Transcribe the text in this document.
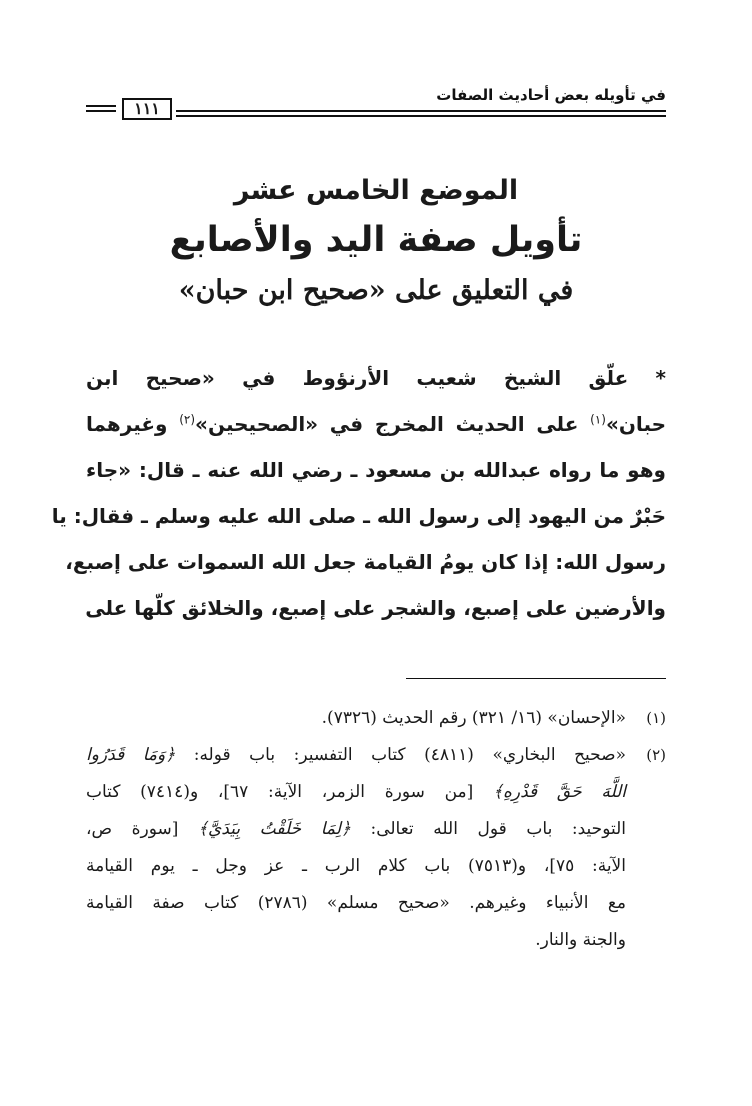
في تأويله بعض أحاديث الصفات
١١١
الموضع الخامس عشر
تأويل صفة اليد والأصابع
في التعليق على «صحيح ابن حبان»
* علّق الشيخ شعيب الأرنؤوط في «صحيح ابن
حبان»$^{(١)}$ على الحديث المخرج في «الصحيحين»$^{(٢)}$ وغيرهما
وهو ما رواه عبدالله بن مسعود ـ رضي الله عنه ـ قال: «جاء
حَبْرٌ من اليهود إلى رسول الله ـ صلى الله عليه وسلم ـ فقال: يا
رسول الله: إذا كان يومُ القيامة جعل الله السموات على إصبع،
والأرضين على إصبع، والشجر على إصبع، والخلائق كلّها على
(١)
«الإحسان» (١٦/ ٣٢١) رقم الحديث (٧٣٢٦).
(٢)
«صحيح البخاري» (٤٨١١) كتاب التفسير: باب قوله: ﴿وَمَا قَدَرُوا
اللَّهَ حَقَّ قَدْرِهِ﴾ [من سورة الزمر، الآية: ٦٧]، و(٧٤١٤) كتاب
التوحيد: باب قول الله تعالى: ﴿لِمَا خَلَقْتُ بِيَدَيَّ﴾ [سورة ص،
الآية: ٧٥]، و(٧٥١٣) باب كلام الرب ـ عز وجل ـ يوم القيامة
مع الأنبياء وغيرهم. «صحيح مسلم» (٢٧٨٦) كتاب صفة القيامة
والجنة والنار.
